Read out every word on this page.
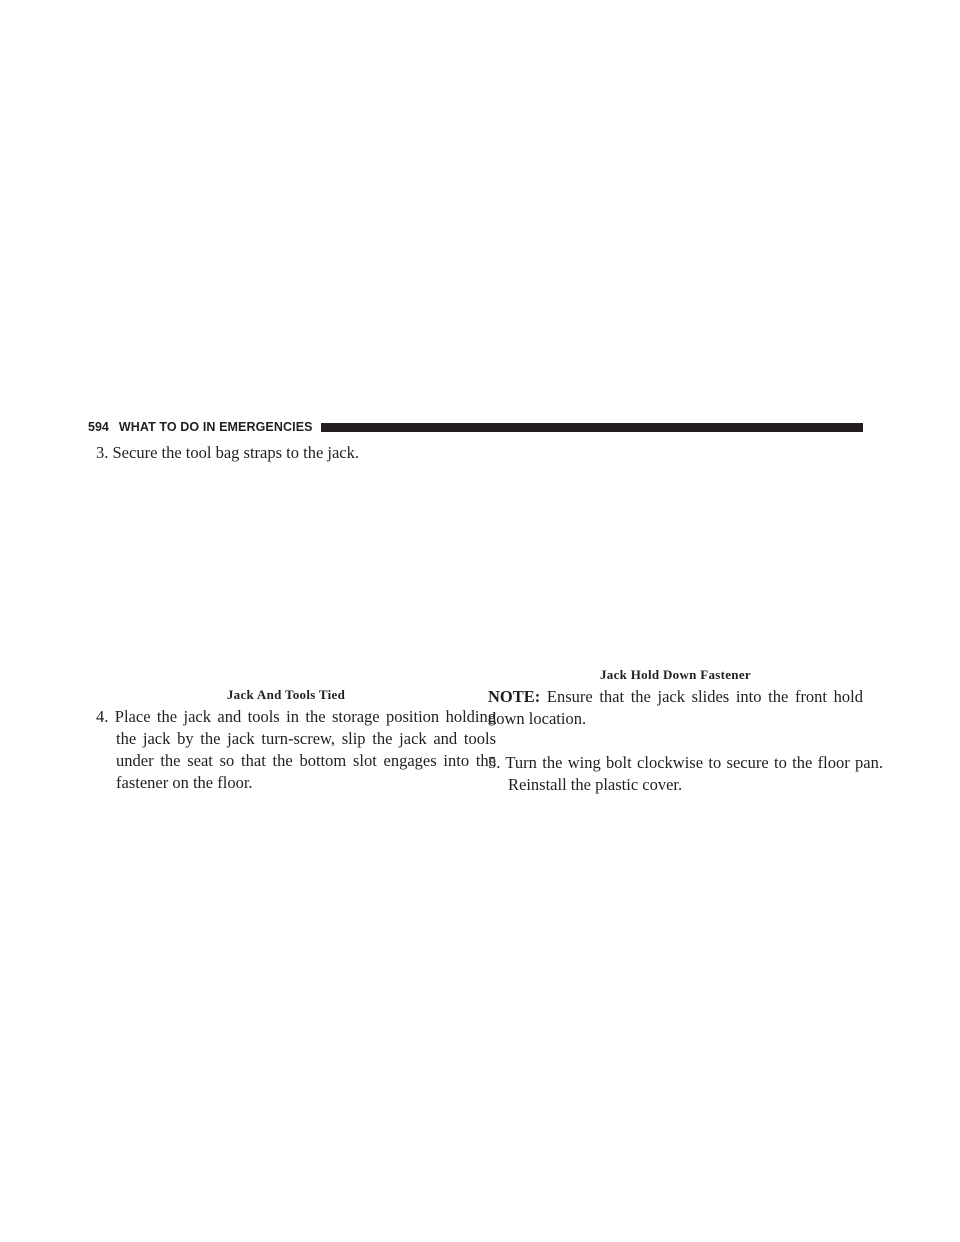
594 WHAT TO DO IN EMERGENCIES
3. Secure the tool bag straps to the jack.
Jack And Tools Tied
4. Place the jack and tools in the storage position holding the jack by the jack turn-screw, slip the jack and tools under the seat so that the bottom slot engages into the fastener on the floor.
Jack Hold Down Fastener
NOTE: Ensure that the jack slides into the front hold down location.
5. Turn the wing bolt clockwise to secure to the floor pan. Reinstall the plastic cover.
